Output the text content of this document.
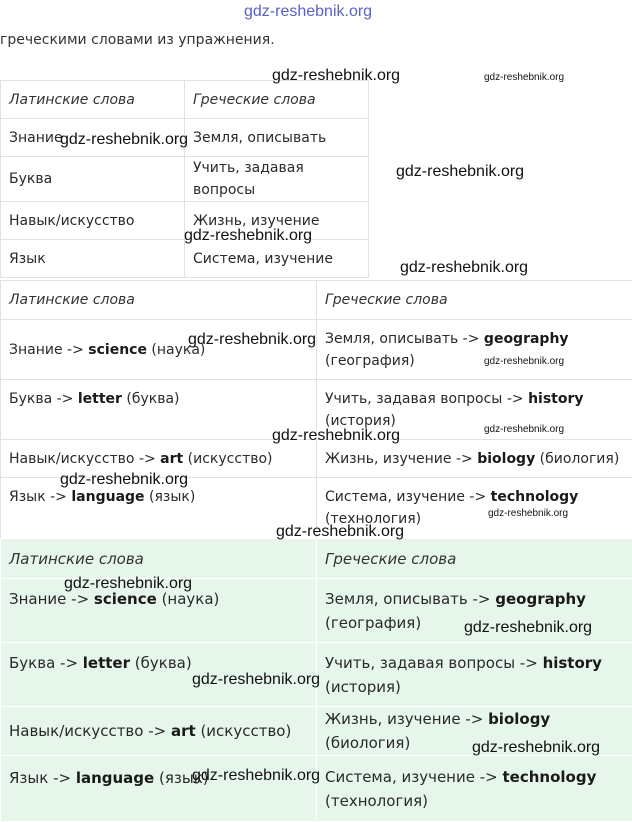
gdz-reshebnik.org
греческими словами из упражнения.
Латинские слова	Греческие слова
Знание	Земля, описывать
Буква	Учить, задавая вопросы
Навык/искусство	Жизнь, изучение
Язык	Система, изучение
Латинские слова	Греческие слова
Знание -> science (наука)	Земля, описывать -> geography (география)
Буква -> letter (буква)	Учить, задавая вопросы -> history (история)
Навык/искусство -> art (искусство)	Жизнь, изучение -> biology (биология)
Язык -> language (язык)	Система, изучение -> technology (технология)
Латинские слова	Греческие слова
Знание -> science (наука)	Земля, описывать -> geography (география)
Буква -> letter (буква)	Учить, задавая вопросы -> history (история)
Навык/искусство -> art (искусство)	Жизнь, изучение -> biology (биология)
Язык -> language (язык)	Система, изучение -> technology (технология)
gdz-reshebnik.org	gdz-reshebnik.org
gdz-reshebnik.org
gdz-reshebnik.org
gdz-reshebnik.org
gdz-reshebnik.org
gdz-reshebnik.org
gdz-reshebnik.org
gdz-reshebnik.org
gdz-reshebnik.org
gdz-reshebnik.org
gdz-reshebnik.org
gdz-reshebnik.org
gdz-reshebnik.org
gdz-reshebnik.org
gdz-reshebnik.org
gdz-reshebnik.org
gdz-reshebnik.org
